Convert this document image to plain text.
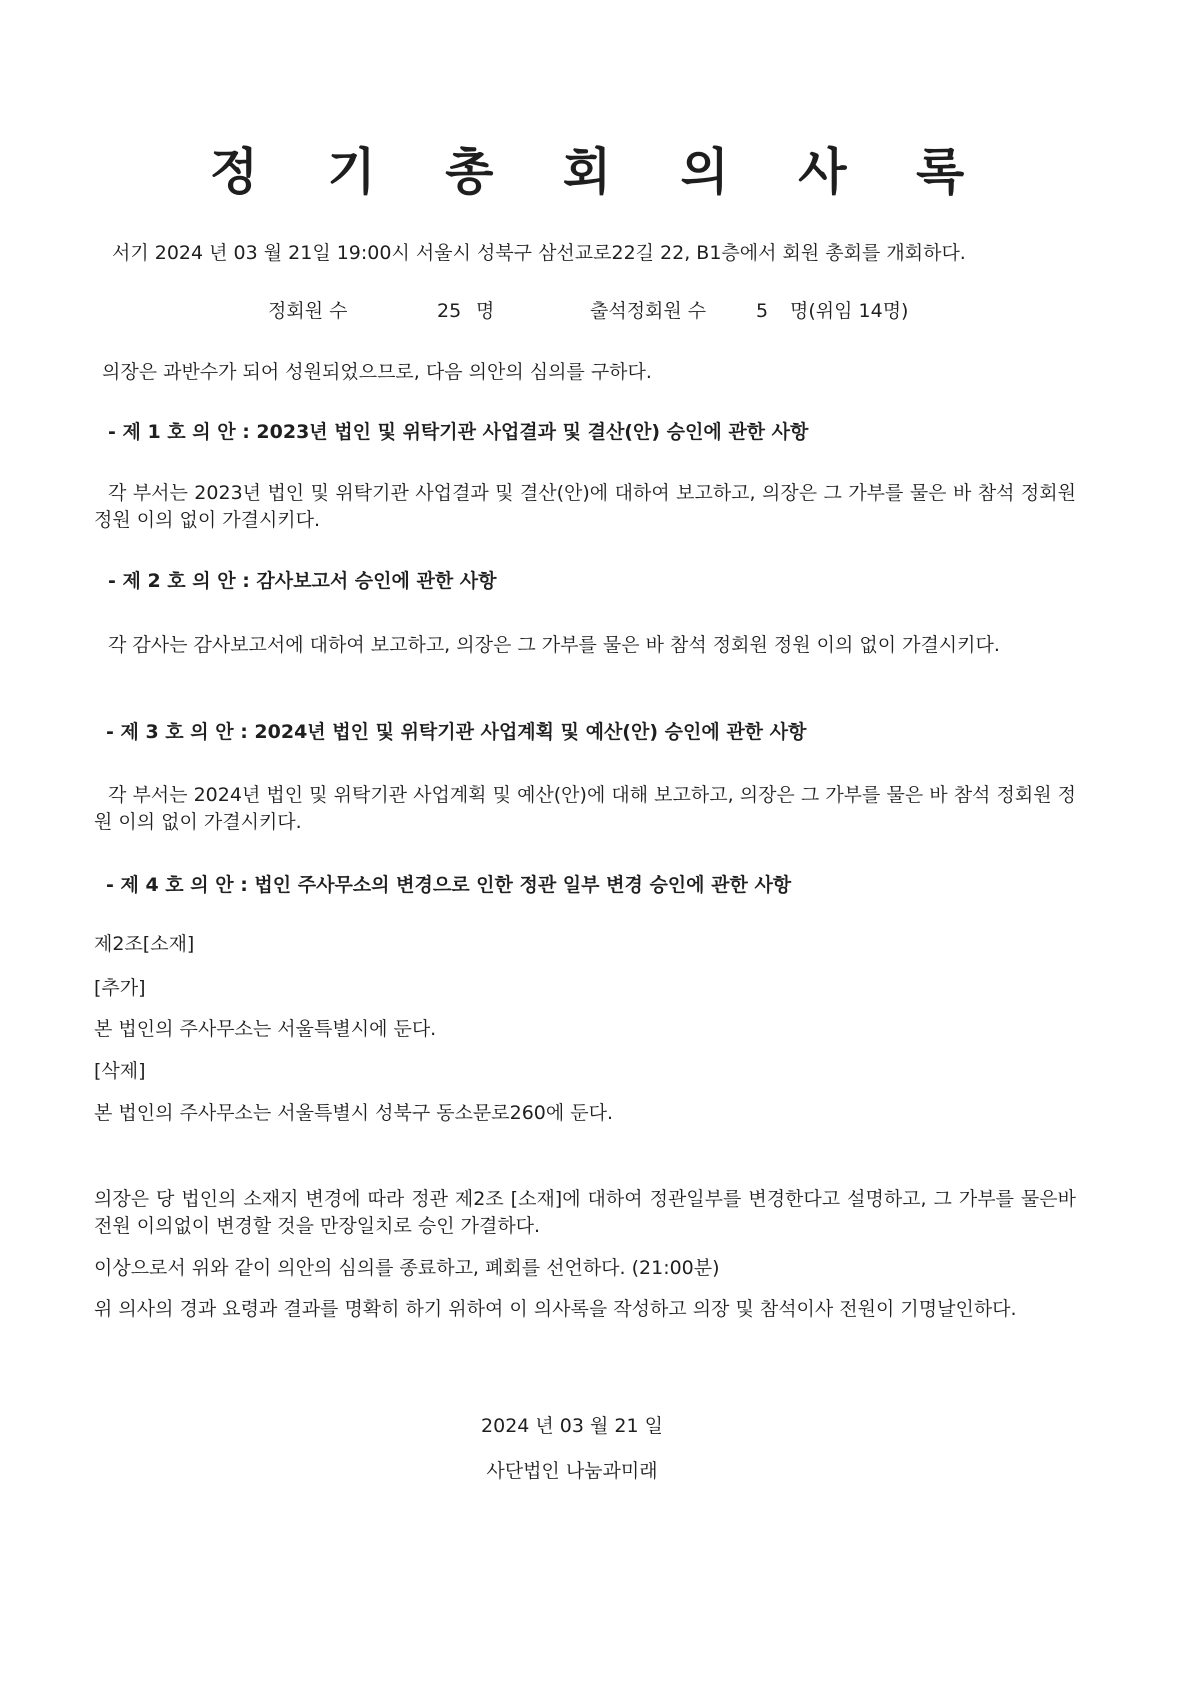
정 기 총 회 의 사 록
서기 2024 년 03 월 21일 19:00시 서울시 성북구 삼선교로22길 22, B1층에서 회원 총회를 개회하다.
정회원 수	25 명	출석정회원 수	5 명(위임 14명)
의장은 과반수가 되어 성원되었으므로, 다음 의안의 심의를 구하다.
- 제 1 호 의 안 : 2023년 법인 및 위탁기관 사업결과 및 결산(안) 승인에 관한 사항
각 부서는 2023년 법인 및 위탁기관 사업결과 및 결산(안)에 대하여 보고하고, 의장은 그 가부를 물은 바 참석 정회원 정원 이의 없이 가결시키다.
- 제 2 호 의 안 : 감사보고서 승인에 관한 사항
각 감사는 감사보고서에 대하여 보고하고, 의장은 그 가부를 물은 바 참석 정회원 정원 이의 없이 가결시키다.
- 제 3 호 의 안 : 2024년 법인 및 위탁기관 사업계획 및 예산(안) 승인에 관한 사항
각 부서는 2024년 법인 및 위탁기관 사업계획 및 예산(안)에 대해 보고하고, 의장은 그 가부를 물은 바 참석 정회원 정원 이의 없이 가결시키다.
- 제 4 호 의 안 : 법인 주사무소의 변경으로 인한 정관 일부 변경 승인에 관한 사항
제2조[소재]
[추가]
본 법인의 주사무소는 서울특별시에 둔다.
[삭제]
본 법인의 주사무소는 서울특별시 성북구 동소문로260에 둔다.
의장은 당 법인의 소재지 변경에 따라 정관 제2조 [소재]에 대하여 정관일부를 변경한다고 설명하고, 그 가부를 물은바 전원 이의없이 변경할 것을 만장일치로 승인 가결하다.
이상으로서 위와 같이 의안의 심의를 종료하고, 폐회를 선언하다. (21:00분)
위 의사의 경과 요령과 결과를 명확히 하기 위하여 이 의사록을 작성하고 의장 및 참석이사 전원이 기명날인하다.
2024 년 03 월 21 일
사단법인 나눔과미래
